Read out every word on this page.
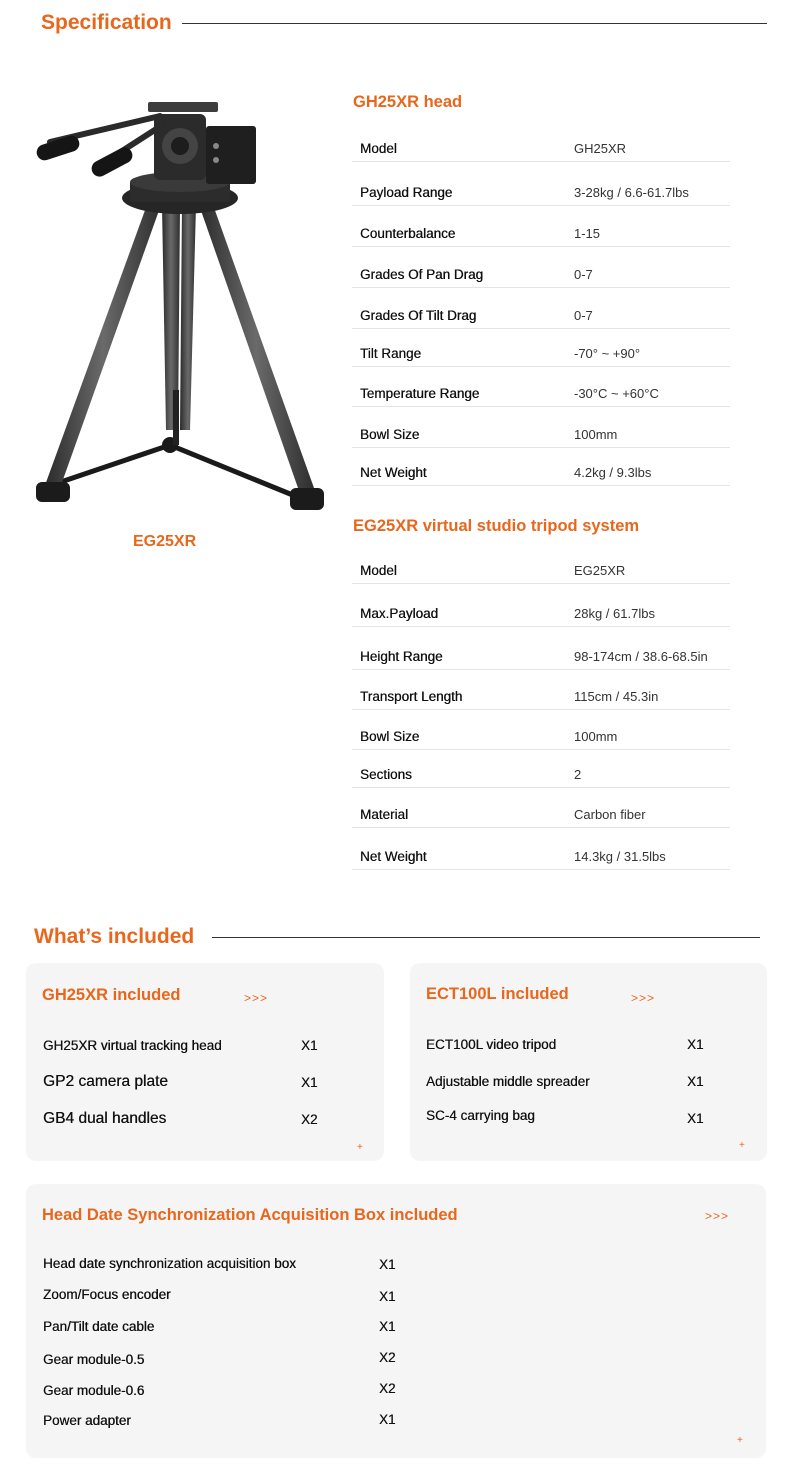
Specification
EG25XR
GH25XR head
Model	GH25XR
Payload Range	3-28kg / 6.6-61.7lbs
Counterbalance	1-15
Grades Of Pan Drag	0-7
Grades Of Tilt Drag	0-7
Tilt Range	-70° ~ +90°
Temperature Range	-30°C ~ +60°C
Bowl Size	100mm
Net Weight	4.2kg / 9.3lbs
EG25XR virtual studio tripod system
Model	EG25XR
Max.Payload	28kg / 61.7lbs
Height Range	98-174cm / 38.6-68.5in
Transport Length	115cm / 45.3in
Bowl Size	100mm
Sections	2
Material	Carbon fiber
Net Weight	14.3kg / 31.5lbs
What’s included
GH25XR included	>>>
GH25XR virtual tracking head	X1
GP2 camera plate	X1
GB4 dual handles	X2
+
ECT100L included	>>>
ECT100L video tripod	X1
Adjustable middle spreader	X1
SC-4 carrying bag	X1
+
Head Date Synchronization Acquisition Box included	>>>
Head date synchronization acquisition box	X1
Zoom/Focus encoder	X1
Pan/Tilt date cable	X1
Gear module-0.5	X2
Gear module-0.6	X2
Power adapter	X1
+
